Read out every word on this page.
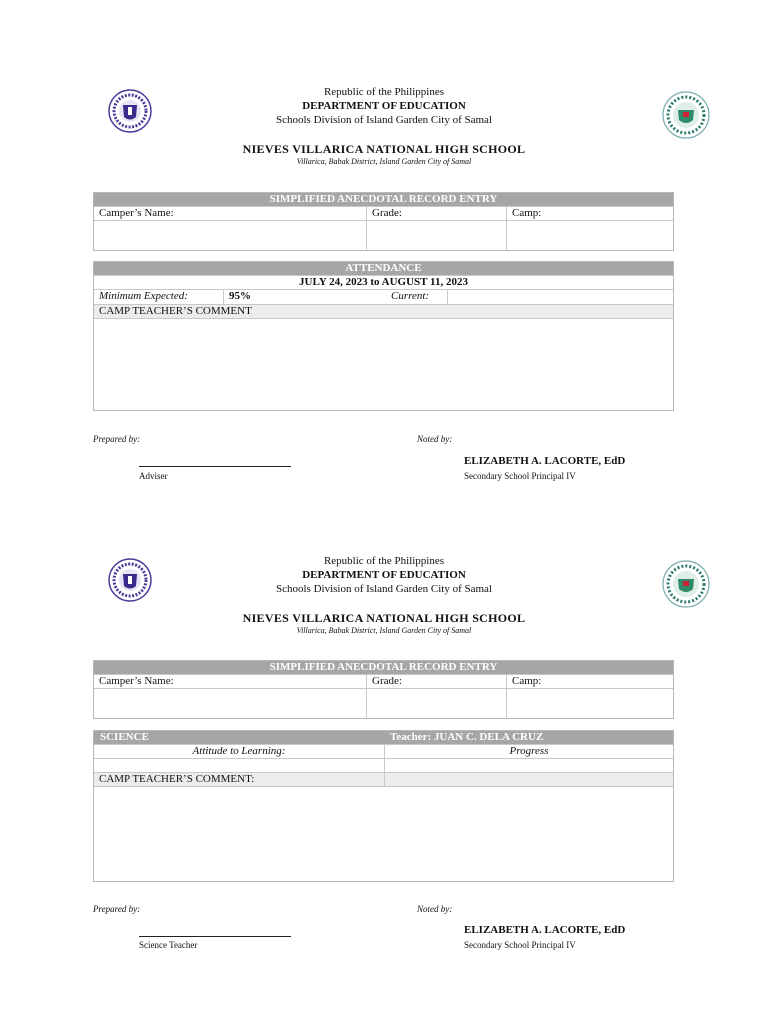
Republic of the Philippines
DEPARTMENT OF EDUCATION
Schools Division of Island Garden City of Samal
NIEVES VILLARICA NATIONAL HIGH SCHOOL
Villarica, Babak District, Island Garden City of Samal
SIMPLIFIED ANECDOTAL RECORD ENTRY
Camper’s Name:	Grade:	Camp:
ATTENDANCE
JULY 24, 2023 to AUGUST 11, 2023
Minimum Expected:	95%	Current:
CAMP TEACHER’S COMMENT
Prepared by:	Noted by:
Adviser
ELIZABETH A. LACORTE, EdD
Secondary School Principal IV
Republic of the Philippines
DEPARTMENT OF EDUCATION
Schools Division of Island Garden City of Samal
NIEVES VILLARICA NATIONAL HIGH SCHOOL
Villarica, Babak District, Island Garden City of Samal
SIMPLIFIED ANECDOTAL RECORD ENTRY
Camper’s Name:	Grade:	Camp:
SCIENCE	Teacher: JUAN C. DELA CRUZ
Attitude to Learning:	Progress
CAMP TEACHER’S COMMENT:
Prepared by:	Noted by:
Science Teacher
ELIZABETH A. LACORTE, EdD
Secondary School Principal IV
